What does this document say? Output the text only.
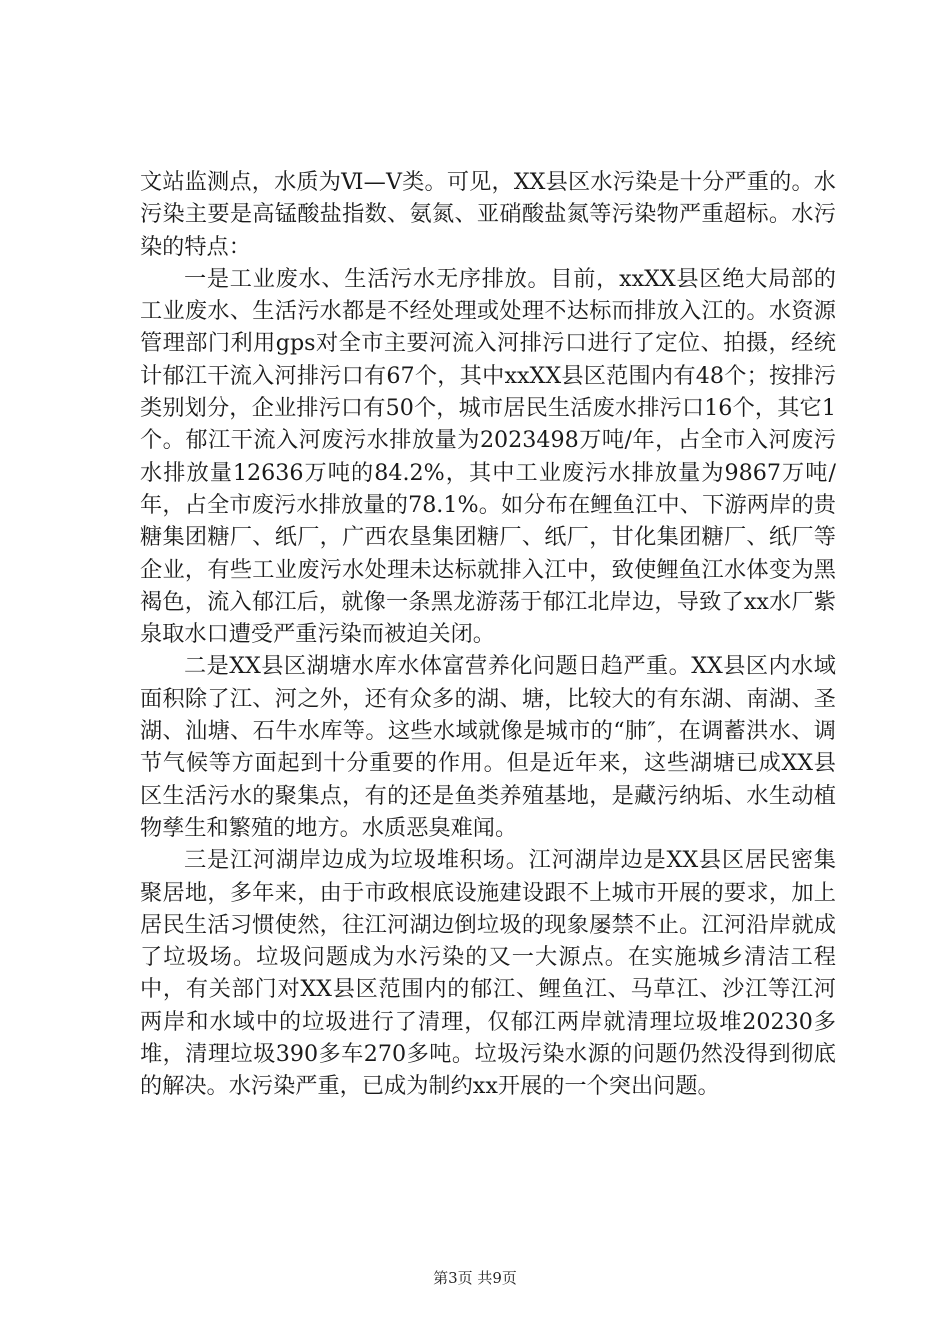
文站监测点，水质为Ⅵ—Ⅴ类。可见，XX县区水污染是十分严重的。水污染主要是高锰酸盐指数、氨氮、亚硝酸盐氮等污染物严重超标。水污染的特点：

一是工业废水、生活污水无序排放。目前，xxXX县区绝大局部的工业废水、生活污水都是不经处理或处理不达标而排放入江的。水资源管理部门利用gps对全市主要河流入河排污口进行了定位、拍摄，经统计郁江干流入河排污口有67个，其中xxXX县区范围内有48个；按排污类别划分，企业排污口有50个，城市居民生活废水排污口16个，其它1个。郁江干流入河废污水排放量为2023498万吨/年，占全市入河废污水排放量12636万吨的84.2%，其中工业废污水排放量为9867万吨/年，占全市废污水排放量的78.1%。如分布在鲤鱼江中、下游两岸的贵糖集团糖厂、纸厂，广西农垦集团糖厂、纸厂，甘化集团糖厂、纸厂等企业，有些工业废污水处理未达标就排入江中，致使鲤鱼江水体变为黑褐色，流入郁江后，就像一条黑龙游荡于郁江北岸边，导致了xx水厂紫泉取水口遭受严重污染而被迫关闭。

二是XX县区湖塘水库水体富营养化问题日趋严重。XX县区内水域面积除了江、河之外，还有众多的湖、塘，比较大的有东湖、南湖、圣湖、汕塘、石牛水库等。这些水域就像是城市的“肺″，在调蓄洪水、调节气候等方面起到十分重要的作用。但是近年来，这些湖塘已成XX县区生活污水的聚集点，有的还是鱼类养殖基地，是藏污纳垢、水生动植物孳生和繁殖的地方。水质恶臭难闻。

三是江河湖岸边成为垃圾堆积场。江河湖岸边是XX县区居民密集聚居地，多年来，由于市政根底设施建设跟不上城市开展的要求，加上居民生活习惯使然，往江河湖边倒垃圾的现象屡禁不止。江河沿岸就成了垃圾场。垃圾问题成为水污染的又一大源点。在实施城乡清洁工程中，有关部门对XX县区范围内的郁江、鲤鱼江、马草江、沙江等江河两岸和水域中的垃圾进行了清理，仅郁江两岸就清理垃圾堆20230多堆，清理垃圾390多车270多吨。垃圾污染水源的问题仍然没得到彻底的解决。水污染严重，已成为制约xx开展的一个突出问题。

第3页 共9页
